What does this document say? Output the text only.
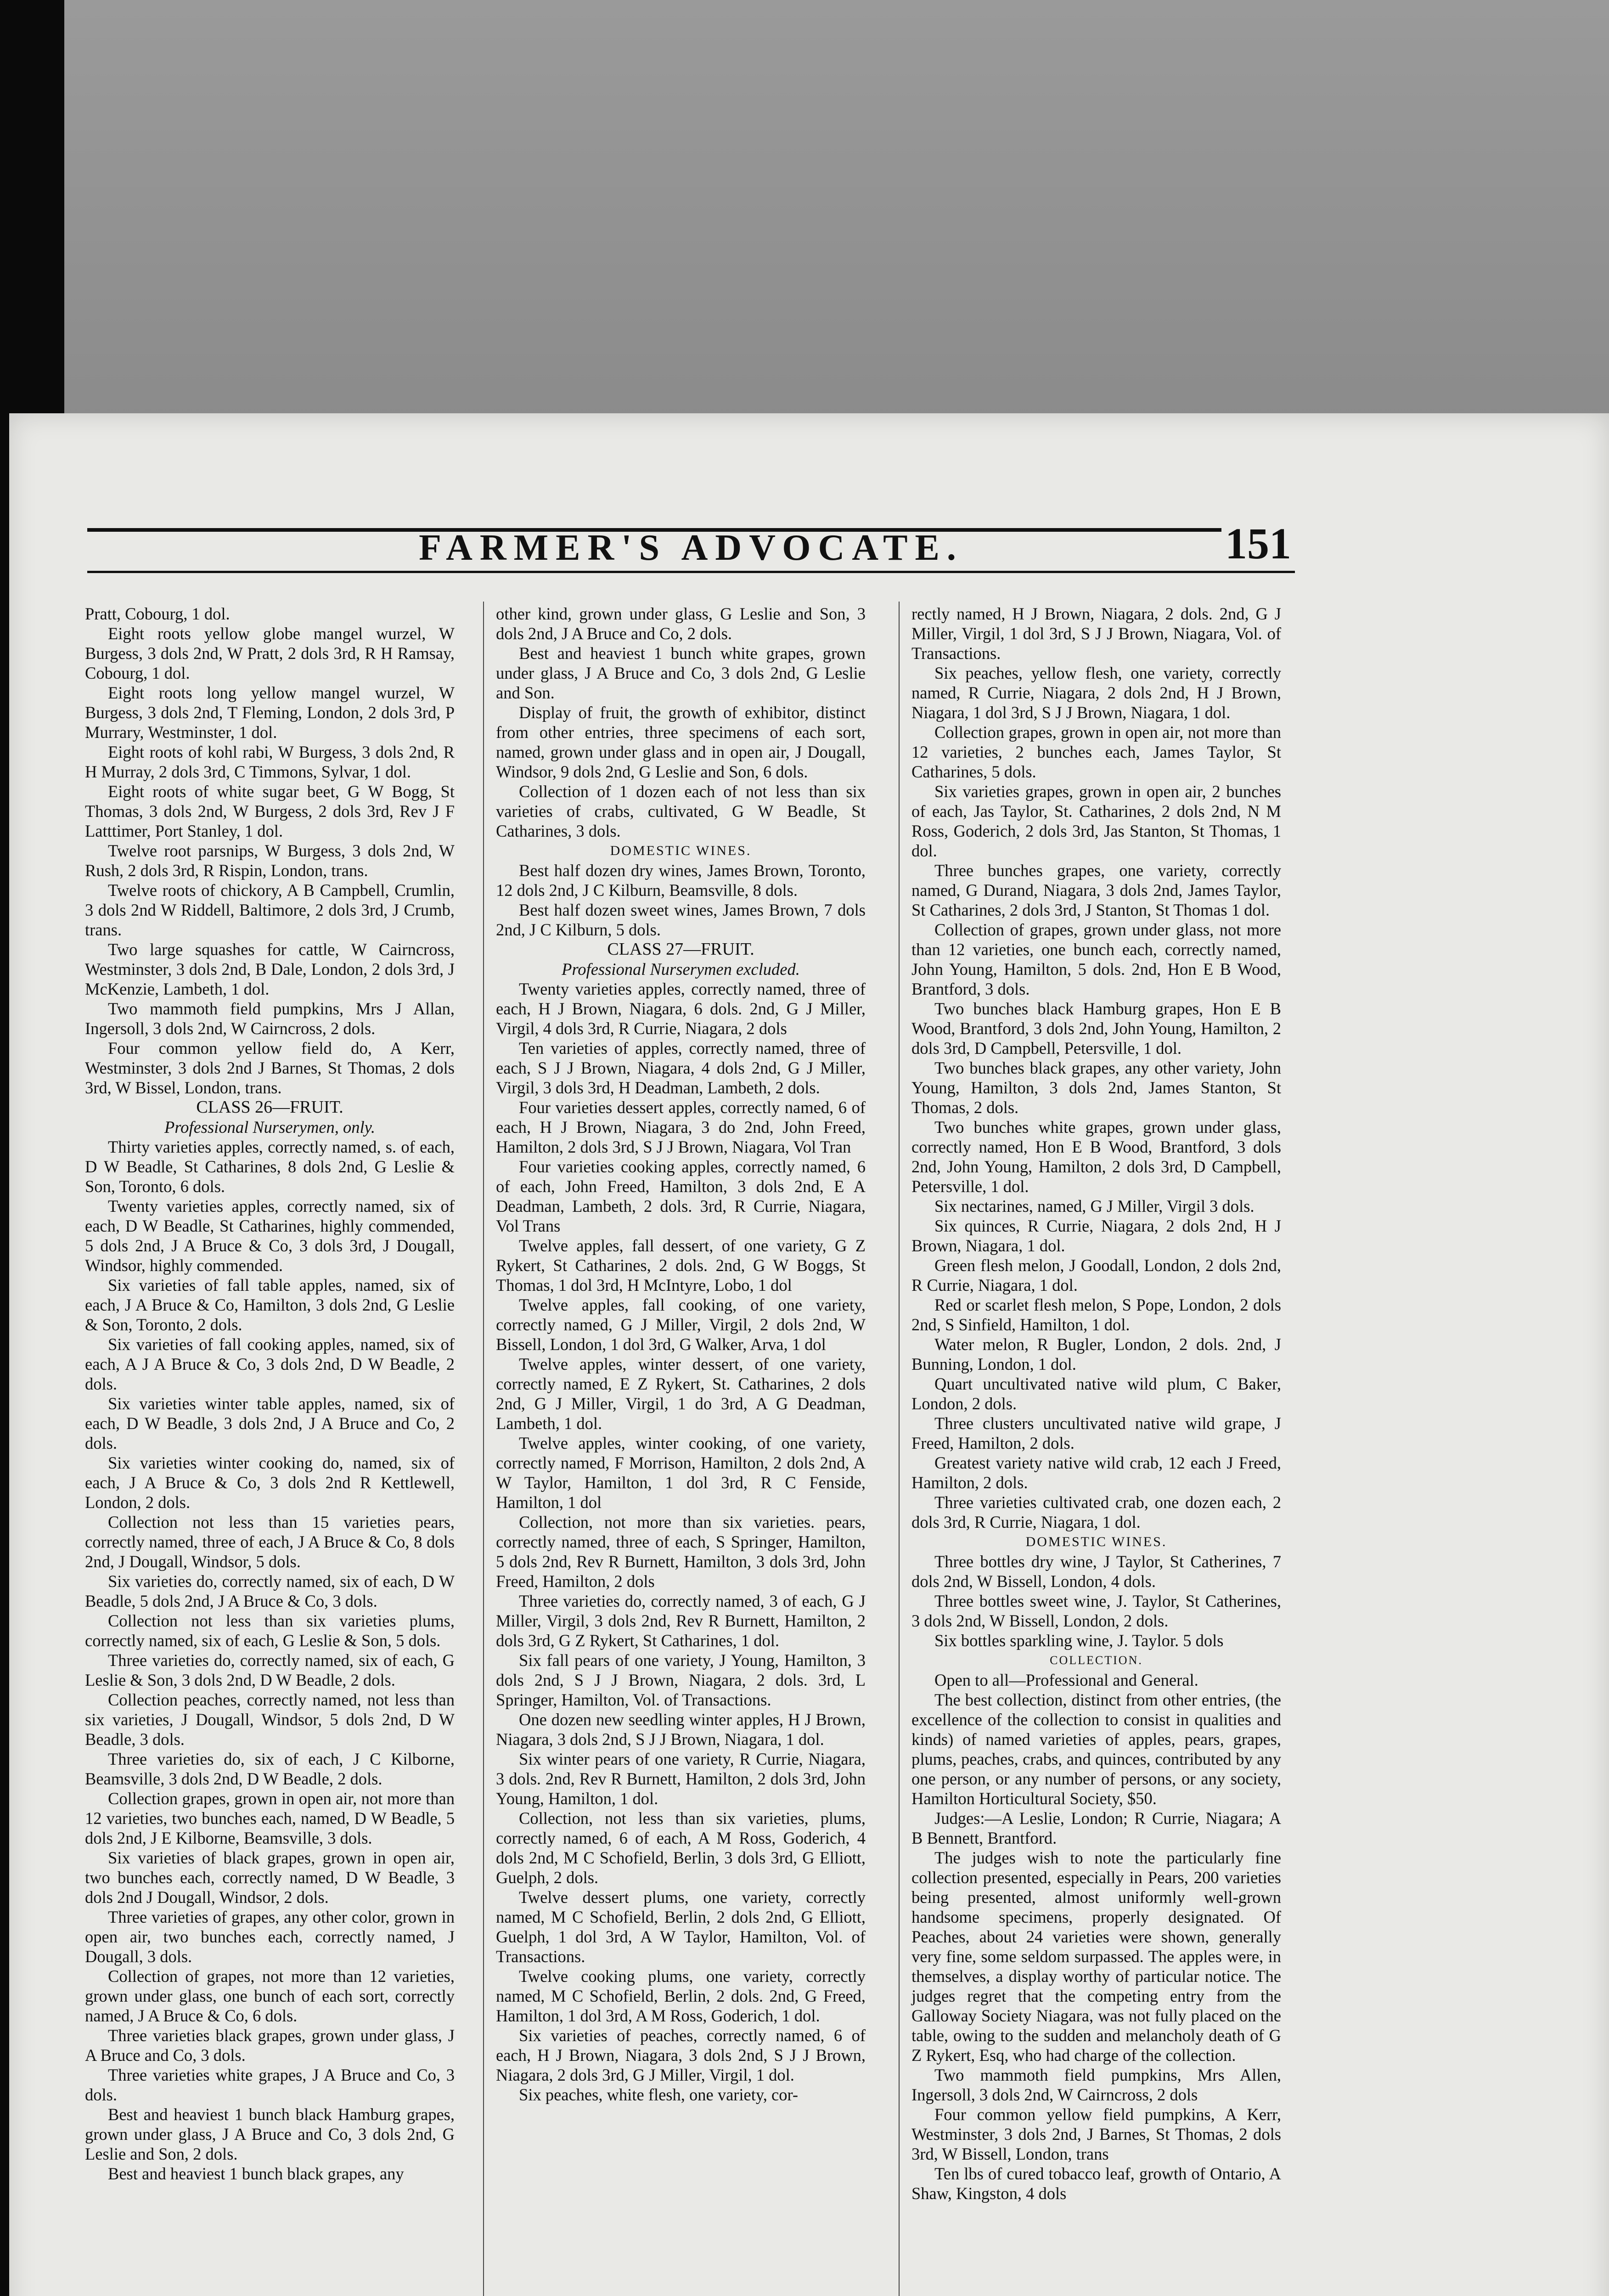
FARMER'S ADVOCATE.	151

Pratt, Cobourg, 1 dol.

Eight roots yellow globe mangel wurzel, W Burgess, 3 dols 2nd, W Pratt, 2 dols 3rd, R H Ramsay, Cobourg, 1 dol.

Eight roots long yellow mangel wurzel, W Burgess, 3 dols 2nd, T Fleming, London, 2 dols 3rd, P Murrary, Westminster, 1 dol.

Eight roots of kohl rabi, W Burgess, 3 dols 2nd, R H Murray, 2 dols 3rd, C Timmons, Sylvar, 1 dol.

Eight roots of white sugar beet, G W Bogg, St Thomas, 3 dols 2nd, W Burgess, 2 dols 3rd, Rev J F Latttimer, Port Stanley, 1 dol.

Twelve root parsnips, W Burgess, 3 dols 2nd, W Rush, 2 dols 3rd, R Rispin, London, trans.

Twelve roots of chickory, A B Campbell, Crumlin, 3 dols 2nd W Riddell, Baltimore, 2 dols 3rd, J Crumb, trans.

Two large squashes for cattle, W Cairncross, Westminster, 3 dols 2nd, B Dale, London, 2 dols 3rd, J McKenzie, Lambeth, 1 dol.

Two mammoth field pumpkins, Mrs J Allan, Ingersoll, 3 dols 2nd, W Cairncross, 2 dols.

Four common yellow field do, A Kerr, Westminster, 3 dols 2nd J Barnes, St Thomas, 2 dols 3rd, W Bissel, London, trans.

CLASS 26—FRUIT.

Professional Nurserymen, only.

Thirty varieties apples, correctly named, s. of each, D W Beadle, St Catharines, 8 dols 2nd, G Leslie & Son, Toronto, 6 dols.

Twenty varieties apples, correctly named, six of each, D W Beadle, St Catharines, highly commended, 5 dols 2nd, J A Bruce & Co, 3 dols 3rd, J Dougall, Windsor, highly commended.

Six varieties of fall table apples, named, six of each, J A Bruce & Co, Hamilton, 3 dols 2nd, G Leslie & Son, Toronto, 2 dols.

Six varieties of fall cooking apples, named, six of each, A J A Bruce & Co, 3 dols 2nd, D W Beadle, 2 dols.

Six varieties winter table apples, named, six of each, D W Beadle, 3 dols 2nd, J A Bruce and Co, 2 dols.

Six varieties winter cooking do, named, six of each, J A Bruce & Co, 3 dols 2nd R Kettlewell, London, 2 dols.

Collection not less than 15 varieties pears, correctly named, three of each, J A Bruce & Co, 8 dols 2nd, J Dougall, Windsor, 5 dols.

Six varieties do, correctly named, six of each, D W Beadle, 5 dols 2nd, J A Bruce & Co, 3 dols.

Collection not less than six varieties plums, correctly named, six of each, G Leslie & Son, 5 dols.

Three varieties do, correctly named, six of each, G Leslie & Son, 3 dols 2nd, D W Beadle, 2 dols.

Collection peaches, correctly named, not less than six varieties, J Dougall, Windsor, 5 dols 2nd, D W Beadle, 3 dols.

Three varieties do, six of each, J C Kilborne, Beamsville, 3 dols 2nd, D W Beadle, 2 dols.

Collection grapes, grown in open air, not more than 12 varieties, two bunches each, named, D W Beadle, 5 dols 2nd, J E Kilborne, Beamsville, 3 dols.

Six varieties of black grapes, grown in open air, two bunches each, correctly named, D W Beadle, 3 dols 2nd J Dougall, Windsor, 2 dols.

Three varieties of grapes, any other color, grown in open air, two bunches each, correctly named, J Dougall, 3 dols.

Collection of grapes, not more than 12 varieties, grown under glass, one bunch of each sort, correctly named, J A Bruce & Co, 6 dols.

Three varieties black grapes, grown under glass, J A Bruce and Co, 3 dols.

Three varieties white grapes, J A Bruce and Co, 3 dols.

Best and heaviest 1 bunch black Hamburg grapes, grown under glass, J A Bruce and Co, 3 dols 2nd, G Leslie and Son, 2 dols.

Best and heaviest 1 bunch black grapes, any

other kind, grown under glass, G Leslie and Son, 3 dols 2nd, J A Bruce and Co, 2 dols.

Best and heaviest 1 bunch white grapes, grown under glass, J A Bruce and Co, 3 dols 2nd, G Leslie and Son.

Display of fruit, the growth of exhibitor, distinct from other entries, three specimens of each sort, named, grown under glass and in open air, J Dougall, Windsor, 9 dols 2nd, G Leslie and Son, 6 dols.

Collection of 1 dozen each of not less than six varieties of crabs, cultivated, G W Beadle, St Catharines, 3 dols.

DOMESTIC WINES.

Best half dozen dry wines, James Brown, Toronto, 12 dols 2nd, J C Kilburn, Beamsville, 8 dols.

Best half dozen sweet wines, James Brown, 7 dols 2nd, J C Kilburn, 5 dols.

CLASS 27—FRUIT.

Professional Nurserymen excluded.

Twenty varieties apples, correctly named, three of each, H J Brown, Niagara, 6 dols. 2nd, G J Miller, Virgil, 4 dols 3rd, R Currie, Niagara, 2 dols

Ten varieties of apples, correctly named, three of each, S J J Brown, Niagara, 4 dols 2nd, G J Miller, Virgil, 3 dols 3rd, H Deadman, Lambeth, 2 dols.

Four varieties dessert apples, correctly named, 6 of each, H J Brown, Niagara, 3 do 2nd, John Freed, Hamilton, 2 dols 3rd, S J J Brown, Niagara, Vol Tran

Four varieties cooking apples, correctly named, 6 of each, John Freed, Hamilton, 3 dols 2nd, E A Deadman, Lambeth, 2 dols. 3rd, R Currie, Niagara, Vol Trans

Twelve apples, fall dessert, of one variety, G Z Rykert, St Catharines, 2 dols. 2nd, G W Boggs, St Thomas, 1 dol 3rd, H McIntyre, Lobo, 1 dol

Twelve apples, fall cooking, of one variety, correctly named, G J Miller, Virgil, 2 dols 2nd, W Bissell, London, 1 dol 3rd, G Walker, Arva, 1 dol

Twelve apples, winter dessert, of one variety, correctly named, E Z Rykert, St. Catharines, 2 dols 2nd, G J Miller, Virgil, 1 do 3rd, A G Deadman, Lambeth, 1 dol.

Twelve apples, winter cooking, of one variety, correctly named, F Morrison, Hamilton, 2 dols 2nd, A W Taylor, Hamilton, 1 dol 3rd, R C Fenside, Hamilton, 1 dol

Collection, not more than six varieties. pears, correctly named, three of each, S Springer, Hamilton, 5 dols 2nd, Rev R Burnett, Hamilton, 3 dols 3rd, John Freed, Hamilton, 2 dols

Three varieties do, correctly named, 3 of each, G J Miller, Virgil, 3 dols 2nd, Rev R Burnett, Hamilton, 2 dols 3rd, G Z Rykert, St Catharines, 1 dol.

Six fall pears of one variety, J Young, Hamilton, 3 dols 2nd, S J J Brown, Niagara, 2 dols. 3rd, L Springer, Hamilton, Vol. of Transactions.

One dozen new seedling winter apples, H J Brown, Niagara, 3 dols 2nd, S J J Brown, Niagara, 1 dol.

Six winter pears of one variety, R Currie, Niagara, 3 dols. 2nd, Rev R Burnett, Hamilton, 2 dols 3rd, John Young, Hamilton, 1 dol.

Collection, not less than six varieties, plums, correctly named, 6 of each, A M Ross, Goderich, 4 dols 2nd, M C Schofield, Berlin, 3 dols 3rd, G Elliott, Guelph, 2 dols.

Twelve dessert plums, one variety, correctly named, M C Schofield, Berlin, 2 dols 2nd, G Elliott, Guelph, 1 dol 3rd, A W Taylor, Hamilton, Vol. of Transactions.

Twelve cooking plums, one variety, correctly named, M C Schofield, Berlin, 2 dols. 2nd, G Freed, Hamilton, 1 dol 3rd, A M Ross, Goderich, 1 dol.

Six varieties of peaches, correctly named, 6 of each, H J Brown, Niagara, 3 dols 2nd, S J J Brown, Niagara, 2 dols 3rd, G J Miller, Virgil, 1 dol.

Six peaches, white flesh, one variety, cor-

rectly named, H J Brown, Niagara, 2 dols. 2nd, G J Miller, Virgil, 1 dol 3rd, S J J Brown, Niagara, Vol. of Transactions.

Six peaches, yellow flesh, one variety, correctly named, R Currie, Niagara, 2 dols 2nd, H J Brown, Niagara, 1 dol 3rd, S J J Brown, Niagara, 1 dol.

Collection grapes, grown in open air, not more than 12 varieties, 2 bunches each, James Taylor, St Catharines, 5 dols.

Six varieties grapes, grown in open air, 2 bunches of each, Jas Taylor, St. Catharines, 2 dols 2nd, N M Ross, Goderich, 2 dols 3rd, Jas Stanton, St Thomas, 1 dol.

Three bunches grapes, one variety, correctly named, G Durand, Niagara, 3 dols 2nd, James Taylor, St Catharines, 2 dols 3rd, J Stanton, St Thomas 1 dol.

Collection of grapes, grown under glass, not more than 12 varieties, one bunch each, correctly named, John Young, Hamilton, 5 dols. 2nd, Hon E B Wood, Brantford, 3 dols.

Two bunches black Hamburg grapes, Hon E B Wood, Brantford, 3 dols 2nd, John Young, Hamilton, 2 dols 3rd, D Campbell, Petersville, 1 dol.

Two bunches black grapes, any other variety, John Young, Hamilton, 3 dols 2nd, James Stanton, St Thomas, 2 dols.

Two bunches white grapes, grown under glass, correctly named, Hon E B Wood, Brantford, 3 dols 2nd, John Young, Hamilton, 2 dols 3rd, D Campbell, Petersville, 1 dol.

Six nectarines, named, G J Miller, Virgil 3 dols.

Six quinces, R Currie, Niagara, 2 dols 2nd, H J Brown, Niagara, 1 dol.

Green flesh melon, J Goodall, London, 2 dols 2nd, R Currie, Niagara, 1 dol.

Red or scarlet flesh melon, S Pope, London, 2 dols 2nd, S Sinfield, Hamilton, 1 dol.

Water melon, R Bugler, London, 2 dols. 2nd, J Bunning, London, 1 dol.

Quart uncultivated native wild plum, C Baker, London, 2 dols.

Three clusters uncultivated native wild grape, J Freed, Hamilton, 2 dols.

Greatest variety native wild crab, 12 each J Freed, Hamilton, 2 dols.

Three varieties cultivated crab, one dozen each, 2 dols 3rd, R Currie, Niagara, 1 dol.

DOMESTIC WINES.

Three bottles dry wine, J Taylor, St Catherines, 7 dols 2nd, W Bissell, London, 4 dols.

Three bottles sweet wine, J. Taylor, St Catherines, 3 dols 2nd, W Bissell, London, 2 dols.

Six bottles sparkling wine, J. Taylor. 5 dols

COLLECTION.

Open to all—Professional and General.

The best collection, distinct from other entries, (the excellence of the collection to consist in qualities and kinds) of named varieties of apples, pears, grapes, plums, peaches, crabs, and quinces, contributed by any one person, or any number of persons, or any society, Hamilton Horticultural Society, $50.

Judges:—A Leslie, London; R Currie, Niagara; A B Bennett, Brantford.

The judges wish to note the particularly fine collection presented, especially in Pears, 200 varieties being presented, almost uniformly well-grown handsome specimens, properly designated. Of Peaches, about 24 varieties were shown, generally very fine, some seldom surpassed. The apples were, in themselves, a display worthy of particular notice. The judges regret that the competing entry from the Galloway Society Niagara, was not fully placed on the table, owing to the sudden and melancholy death of G Z Rykert, Esq, who had charge of the collection.

Two mammoth field pumpkins, Mrs Allen, Ingersoll, 3 dols 2nd, W Cairncross, 2 dols

Four common yellow field pumpkins, A Kerr, Westminster, 3 dols 2nd, J Barnes, St Thomas, 2 dols 3rd, W Bissell, London, trans

Ten lbs of cured tobacco leaf, growth of Ontario, A Shaw, Kingston, 4 dols
